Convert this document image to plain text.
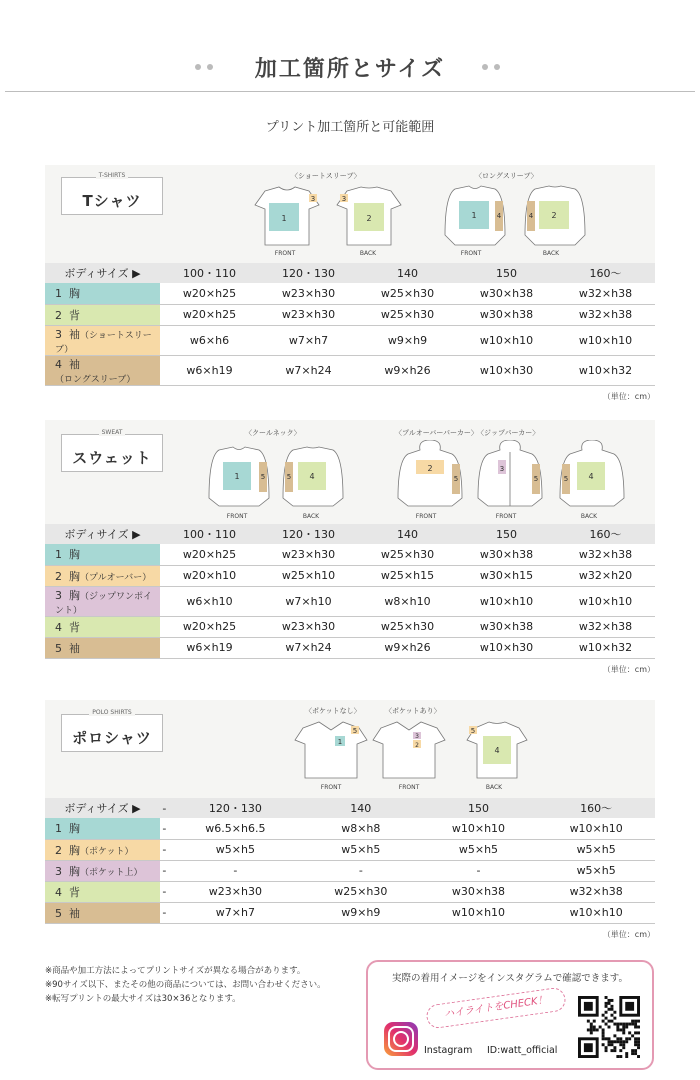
加工箇所とサイズ
プリント加工箇所と可能範囲
T-SHIRTS
Tシャツ
〈ショートスリーブ〉	〈ロングスリーブ〉
1
3	3
2
FRONT	BACK
1	4	4 2
FRONT	BACK
ボディサイズ ▶	100・110	120・130	140	150	160〜
1 胸	w20×h25	w23×h30	w25×h30	w30×h38	w32×h38
2 背	w20×h25	w23×h30	w25×h30	w30×h38	w32×h38
3 袖（ショートスリーブ）	w6×h6	w7×h7	w9×h9	w10×h10	w10×h10
4 袖（ロングスリーブ）	w6×h19	w7×h24	w9×h26	w10×h30	w10×h32
（単位：cm）
SWEAT
スウェット
〈クールネック〉	〈プルオーバーパーカー〉 〈ジップパーカー〉
1	5	5 4
FRONT	BACK
2
5
3
5	5	4
FRONT	FRONT	BACK
ボディサイズ ▶	100・110	120・130	140	150	160〜
1 胸	w20×h25	w23×h30	w25×h30	w30×h38	w32×h38
2 胸（プルオーバー）	w20×h10	w25×h10	w25×h15	w30×h15	w32×h20
3 胸（ジップワンポイント）	w6×h10	w7×h10	w8×h10	w10×h10	w10×h10
4 背	w20×h25	w23×h30	w25×h30	w30×h38	w32×h38
5 袖	w6×h19	w7×h24	w9×h26	w10×h30	w10×h32
（単位：cm）
POLO SHIRTS
ポロシャツ
〈ポケットなし〉	〈ポケットあり〉
1
5
3
2
5
4
FRONT	FRONT	BACK
ボディサイズ ▶	-	120・130	140	150	160〜
1 胸	-	w6.5×h6.5	w8×h8	w10×h10	w10×h10
2 胸（ポケット）	-	w5×h5	w5×h5	w5×h5	w5×h5
3 胸（ポケット上）	-	-	-	-	w5×h5
4 背	-	w23×h30	w25×h30	w30×h38	w32×h38
5 袖	-	w7×h7	w9×h9	w10×h10	w10×h10
（単位：cm）
※商品や加工方法によってプリントサイズが異なる場合があります。
※90サイズ以下、またその他の商品については、お問い合わせください。
※転写プリントの最大サイズは30×36となります。
実際の着用イメージをインスタグラムで確認できます。
ハイライトをCHECK！
Instagram ID:watt_official
